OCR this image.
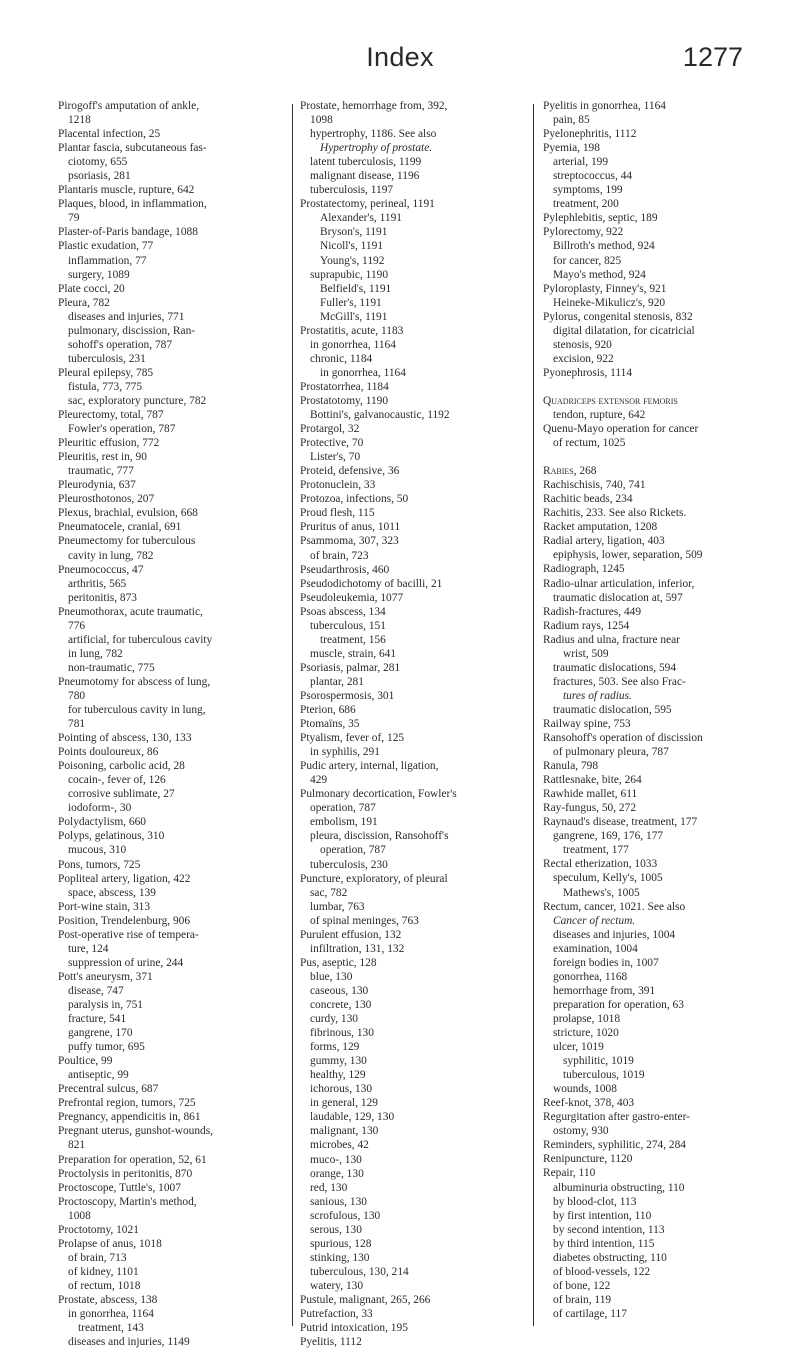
Index	1277
Pirogoff's amputation of ankle,
1218
Placental infection, 25
Plantar fascia, subcutaneous fas-
ciotomy, 655
psoriasis, 281
Plantaris muscle, rupture, 642
Plaques, blood, in inflammation,
79
Plaster-of-Paris bandage, 1088
Plastic exudation, 77
inflammation, 77
surgery, 1089
Plate cocci, 20
Pleura, 782
diseases and injuries, 771
pulmonary, discission, Ran-
sohoff's operation, 787
tuberculosis, 231
Pleural epilepsy, 785
fistula, 773, 775
sac, exploratory puncture, 782
Pleurectomy, total, 787
Fowler's operation, 787
Pleuritic effusion, 772
Pleuritis, rest in, 90
traumatic, 777
Pleurodynia, 637
Pleurosthotonos, 207
Plexus, brachial, evulsion, 668
Pneumatocele, cranial, 691
Pneumectomy for tuberculous
cavity in lung, 782
Pneumococcus, 47
arthritis, 565
peritonitis, 873
Pneumothorax, acute traumatic,
776
artificial, for tuberculous cavity
in lung, 782
non-traumatic, 775
Pneumotomy for abscess of lung,
780
for tuberculous cavity in lung,
781
Pointing of abscess, 130, 133
Points douloureux, 86
Poisoning, carbolic acid, 28
cocain-, fever of, 126
corrosive sublimate, 27
iodoform-, 30
Polydactylism, 660
Polyps, gelatinous, 310
mucous, 310
Pons, tumors, 725
Popliteal artery, ligation, 422
space, abscess, 139
Port-wine stain, 313
Position, Trendelenburg, 906
Post-operative rise of tempera-
ture, 124
suppression of urine, 244
Pott's aneurysm, 371
disease, 747
paralysis in, 751
fracture, 541
gangrene, 170
puffy tumor, 695
Poultice, 99
antiseptic, 99
Precentral sulcus, 687
Prefrontal region, tumors, 725
Pregnancy, appendicitis in, 861
Pregnant uterus, gunshot-wounds,
821
Preparation for operation, 52, 61
Proctolysis in peritonitis, 870
Proctoscope, Tuttle's, 1007
Proctoscopy, Martin's method,
1008
Proctotomy, 1021
Prolapse of anus, 1018
of brain, 713
of kidney, 1101
of rectum, 1018
Prostate, abscess, 138
in gonorrhea, 1164
treatment, 143
diseases and injuries, 1149
Prostate, hemorrhage from, 392,
1098
hypertrophy, 1186. See also
Hypertrophy of prostate.
latent tuberculosis, 1199
malignant disease, 1196
tuberculosis, 1197
Prostatectomy, perineal, 1191
Alexander's, 1191
Bryson's, 1191
Nicoll's, 1191
Young's, 1192
suprapubic, 1190
Belfield's, 1191
Fuller's, 1191
McGill's, 1191
Prostatitis, acute, 1183
in gonorrhea, 1164
chronic, 1184
in gonorrhea, 1164
Prostatorrhea, 1184
Prostatotomy, 1190
Bottini's, galvanocaustic, 1192
Protargol, 32
Protective, 70
Lister's, 70
Proteid, defensive, 36
Protonuclein, 33
Protozoa, infections, 50
Proud flesh, 115
Pruritus of anus, 1011
Psammoma, 307, 323
of brain, 723
Pseudarthrosis, 460
Pseudodichotomy of bacilli, 21
Pseudoleukemia, 1077
Psoas abscess, 134
tuberculous, 151
treatment, 156
muscle, strain, 641
Psoriasis, palmar, 281
plantar, 281
Psorospermosis, 301
Pterion, 686
Ptomaïns, 35
Ptyalism, fever of, 125
in syphilis, 291
Pudic artery, internal, ligation,
429
Pulmonary decortication, Fowler's
operation, 787
embolism, 191
pleura, discission, Ransohoff's
operation, 787
tuberculosis, 230
Puncture, exploratory, of pleural
sac, 782
lumbar, 763
of spinal meninges, 763
Purulent effusion, 132
infiltration, 131, 132
Pus, aseptic, 128
blue, 130
caseous, 130
concrete, 130
curdy, 130
fibrinous, 130
forms, 129
gummy, 130
healthy, 129
ichorous, 130
in general, 129
laudable, 129, 130
malignant, 130
microbes, 42
muco-, 130
orange, 130
red, 130
sanious, 130
scrofulous, 130
serous, 130
spurious, 128
stinking, 130
tuberculous, 130, 214
watery, 130
Pustule, malignant, 265, 266
Putrefaction, 33
Putrid intoxication, 195
Pyelitis, 1112
Pyelitis in gonorrhea, 1164
pain, 85
Pyelonephritis, 1112
Pyemia, 198
arterial, 199
streptococcus, 44
symptoms, 199
treatment, 200
Pylephlebitis, septic, 189
Pylorectomy, 922
Billroth's method, 924
for cancer, 825
Mayo's method, 924
Pyloroplasty, Finney's, 921
Heineke-Mikulicz's, 920
Pylorus, congenital stenosis, 832
digital dilatation, for cicatricial
stenosis, 920
excision, 922
Pyonephrosis, 1114
Quadriceps extensor femoris
tendon, rupture, 642
Quenu-Mayo operation for cancer
of rectum, 1025
Rabies, 268
Rachischisis, 740, 741
Rachitic beads, 234
Rachitis, 233. See also Rickets.
Racket amputation, 1208
Radial artery, ligation, 403
epiphysis, lower, separation, 509
Radiograph, 1245
Radio-ulnar articulation, inferior,
traumatic dislocation at, 597
Radish-fractures, 449
Radium rays, 1254
Radius and ulna, fracture near
wrist, 509
traumatic dislocations, 594
fractures, 503. See also Frac-
tures of radius.
traumatic dislocation, 595
Railway spine, 753
Ransohoff's operation of discission
of pulmonary pleura, 787
Ranula, 798
Rattlesnake, bite, 264
Rawhide mallet, 611
Ray-fungus, 50, 272
Raynaud's disease, treatment, 177
gangrene, 169, 176, 177
treatment, 177
Rectal etherization, 1033
speculum, Kelly's, 1005
Mathews's, 1005
Rectum, cancer, 1021. See also
Cancer of rectum.
diseases and injuries, 1004
examination, 1004
foreign bodies in, 1007
gonorrhea, 1168
hemorrhage from, 391
preparation for operation, 63
prolapse, 1018
stricture, 1020
ulcer, 1019
syphilitic, 1019
tuberculous, 1019
wounds, 1008
Reef-knot, 378, 403
Regurgitation after gastro-enter-
ostomy, 930
Reminders, syphilitic, 274, 284
Renipuncture, 1120
Repair, 110
albuminuria obstructing, 110
by blood-clot, 113
by first intention, 110
by second intention, 113
by third intention, 115
diabetes obstructing, 110
of blood-vessels, 122
of bone, 122
of brain, 119
of cartilage, 117
